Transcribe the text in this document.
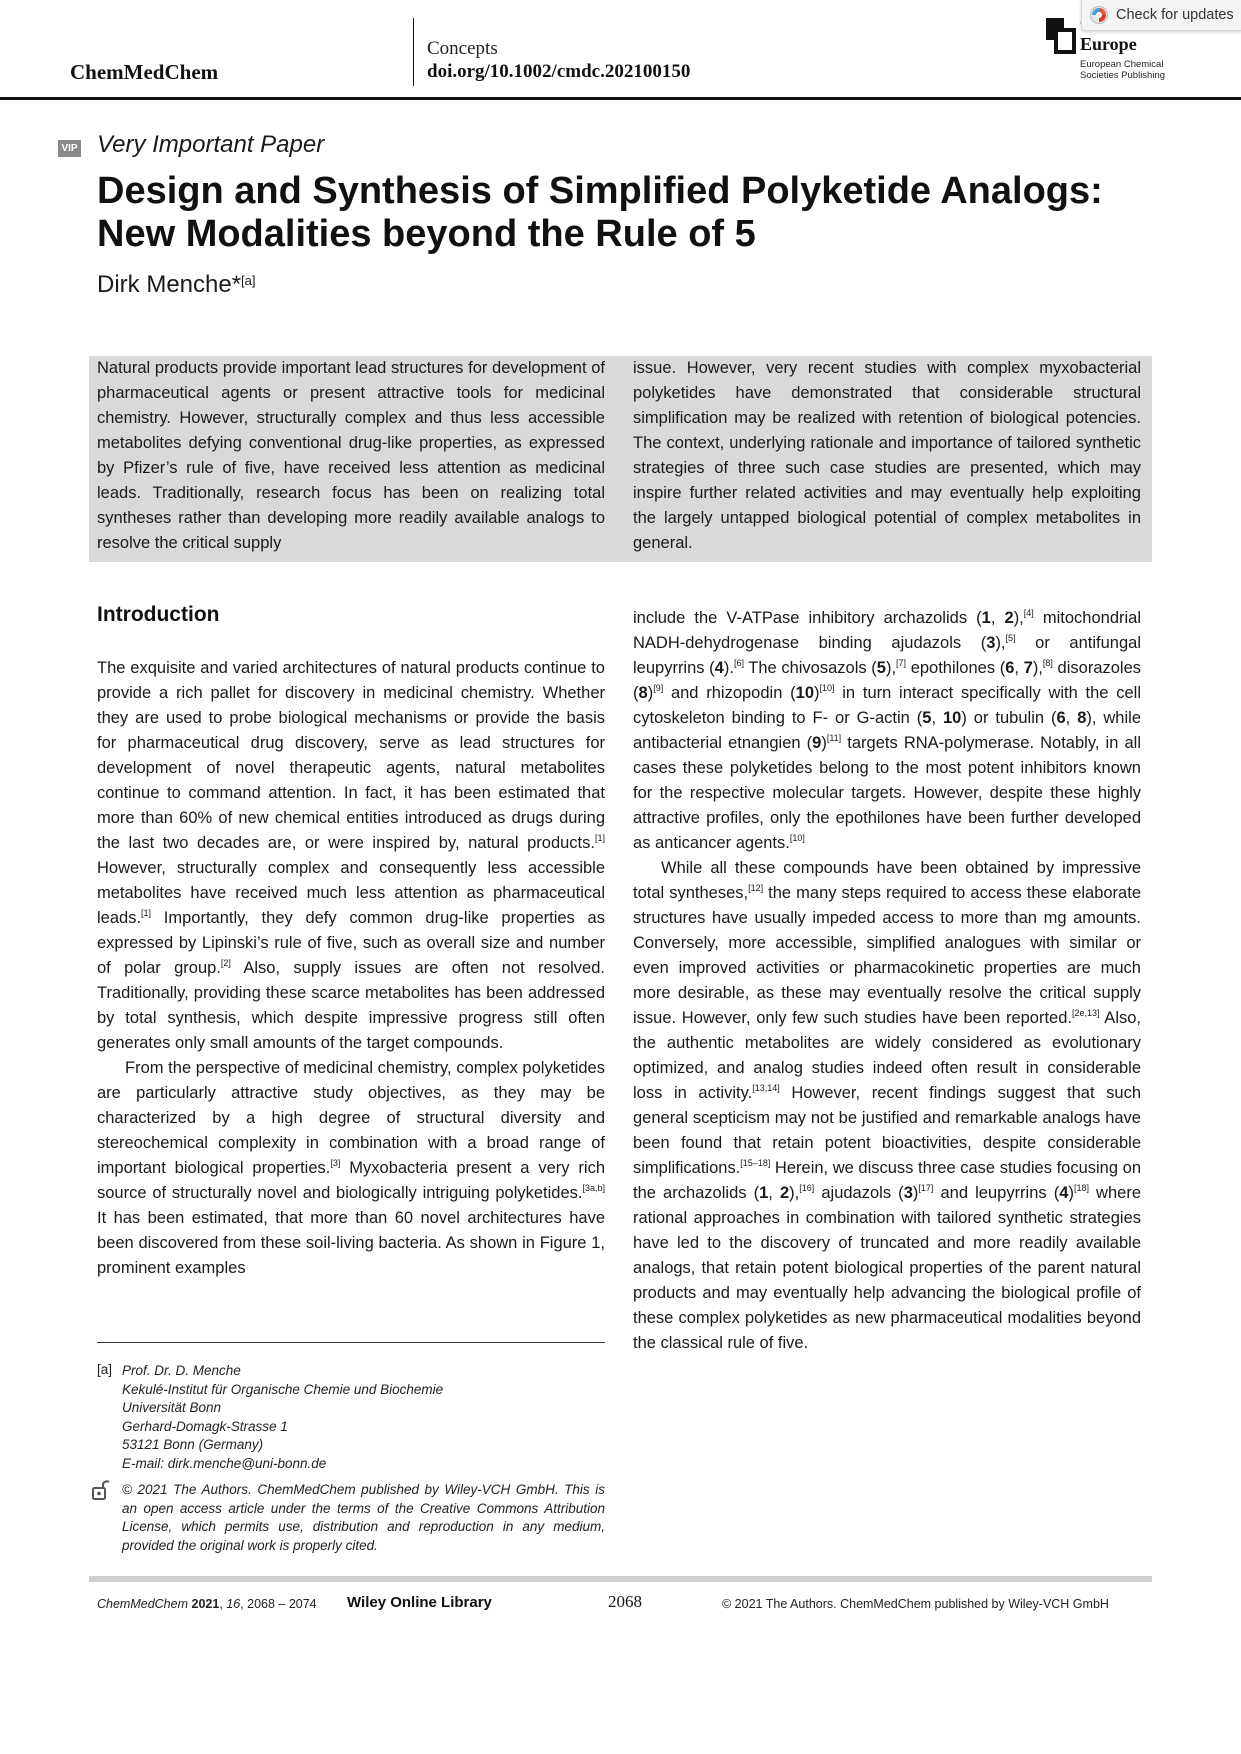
ChemMedChem
Concepts
doi.org/10.1002/cmdc.202100150
Europe
European Chemical Societies Publishing
Check for updates
VIP Very Important Paper
Design and Synthesis of Simplified Polyketide Analogs:
New Modalities beyond the Rule of 5
Dirk Menche*[a]

Natural products provide important lead structures for development of pharmaceutical agents or present attractive tools for medicinal chemistry. However, structurally complex and thus less accessible metabolites defying conventional drug-like properties, as expressed by Pfizer’s rule of five, have received less attention as medicinal leads. Traditionally, research focus has been on realizing total syntheses rather than developing more readily available analogs to resolve the critical supply

issue. However, very recent studies with complex myxobacterial polyketides have demonstrated that considerable structural simplification may be realized with retention of biological potencies. The context, underlying rationale and importance of tailored synthetic strategies of three such case studies are presented, which may inspire further related activities and may eventually help exploiting the largely untapped biological potential of complex metabolites in general.

Introduction

The exquisite and varied architectures of natural products continue to provide a rich pallet for discovery in medicinal chemistry. Whether they are used to probe biological mechanisms or provide the basis for pharmaceutical drug discovery, serve as lead structures for development of novel therapeutic agents, natural metabolites continue to command attention. In fact, it has been estimated that more than 60% of new chemical entities introduced as drugs during the last two decades are, or were inspired by, natural products.[1] However, structurally complex and consequently less accessible metabolites have received much less attention as pharmaceutical leads.[1] Importantly, they defy common drug-like properties as expressed by Lipinski’s rule of five, such as overall size and number of polar group.[2] Also, supply issues are often not resolved. Traditionally, providing these scarce metabolites has been addressed by total synthesis, which despite impressive progress still often generates only small amounts of the target compounds.

From the perspective of medicinal chemistry, complex polyketides are particularly attractive study objectives, as they may be characterized by a high degree of structural diversity and stereochemical complexity in combination with a broad range of important biological properties.[3] Myxobacteria present a very rich source of structurally novel and biologically intriguing polyketides.[3a,b] It has been estimated, that more than 60 novel architectures have been discovered from these soil-living bacteria. As shown in Figure 1, prominent examples

include the V-ATPase inhibitory archazolids (1, 2),[4] mitochondrial NADH-dehydrogenase binding ajudazols (3),[5] or antifungal leupyrrins (4).[6] The chivosazols (5),[7] epothilones (6, 7),[8] disorazoles (8)[9] and rhizopodin (10)[10] in turn interact specifically with the cell cytoskeleton binding to F- or G-actin (5, 10) or tubulin (6, 8), while antibacterial etnangien (9)[11] targets RNA-polymerase. Notably, in all cases these polyketides belong to the most potent inhibitors known for the respective molecular targets. However, despite these highly attractive profiles, only the epothilones have been further developed as anticancer agents.[10]

While all these compounds have been obtained by impressive total syntheses,[12] the many steps required to access these elaborate structures have usually impeded access to more than mg amounts. Conversely, more accessible, simplified analogues with similar or even improved activities or pharmacokinetic properties are much more desirable, as these may eventually resolve the critical supply issue. However, only few such studies have been reported.[2e,13] Also, the authentic metabolites are widely considered as evolutionary optimized, and analog studies indeed often result in considerable loss in activity.[13,14] However, recent findings suggest that such general scepticism may not be justified and remarkable analogs have been found that retain potent bioactivities, despite considerable simplifications.[15–18] Herein, we discuss three case studies focusing on the archazolids (1, 2),[16] ajudazols (3)[17] and leupyrrins (4)[18] where rational approaches in combination with tailored synthetic strategies have led to the discovery of truncated and more readily available analogs, that retain potent biological properties of the parent natural products and may eventually help advancing the biological profile of these complex polyketides as new pharmaceutical modalities beyond the classical rule of five.

[a] Prof. Dr. D. Menche
Kekulé-Institut für Organische Chemie und Biochemie
Universität Bonn
Gerhard-Domagk-Strasse 1
53121 Bonn (Germany)
E-mail: dirk.menche@uni-bonn.de
© 2021 The Authors. ChemMedChem published by Wiley-VCH GmbH. This is an open access article under the terms of the Creative Commons Attribution License, which permits use, distribution and reproduction in any medium, provided the original work is properly cited.
ChemMedChem 2021, 16, 2068 – 2074 Wiley Online Library	2068	© 2021 The Authors. ChemMedChem published by Wiley-VCH GmbH
